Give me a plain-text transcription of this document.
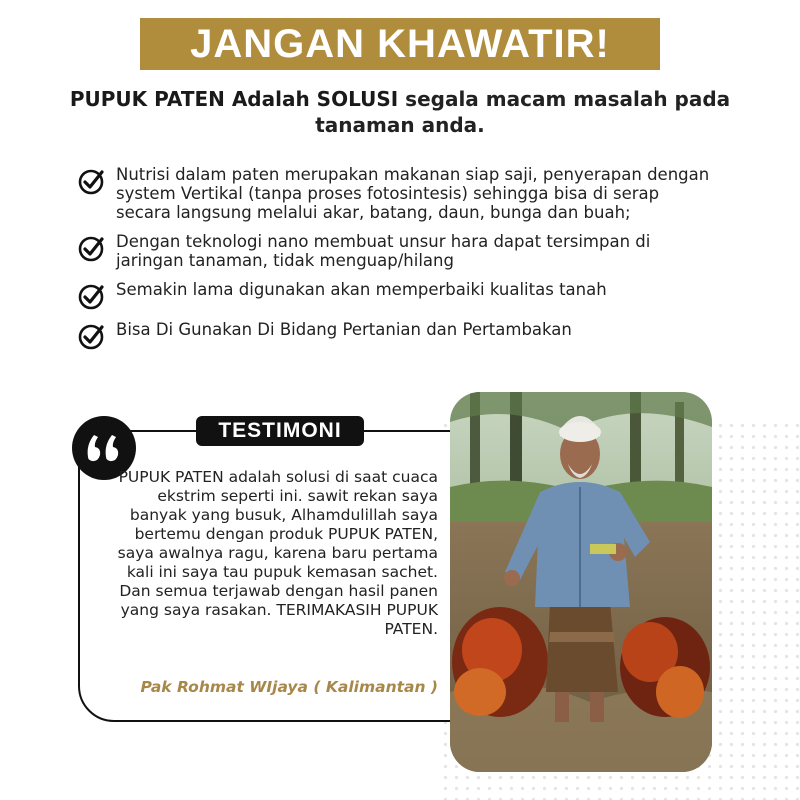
JANGAN KHAWATIR!
PUPUK PATEN Adalah SOLUSI segala macam masalah pada tanaman anda.
Nutrisi dalam paten merupakan makanan siap saji, penyerapan dengan system Vertikal (tanpa proses fotosintesis) sehingga bisa di serap secara langsung melalui akar, batang, daun, bunga dan buah;
Dengan teknologi nano membuat unsur hara dapat tersimpan di jaringan tanaman, tidak menguap/hilang
Semakin lama digunakan akan memperbaiki kualitas tanah
Bisa Di Gunakan Di Bidang Pertanian dan Pertambakan
TESTIMONI
PUPUK PATEN adalah solusi di saat cuaca ekstrim seperti ini. sawit rekan saya banyak yang busuk, Alhamdulillah saya bertemu dengan produk PUPUK PATEN, saya awalnya ragu, karena baru pertama kali ini saya tau pupuk kemasan sachet. Dan semua terjawab dengan hasil panen yang saya rasakan. TERIMAKASIH PUPUK PATEN.
Pak Rohmat WIjaya ( Kalimantan )
